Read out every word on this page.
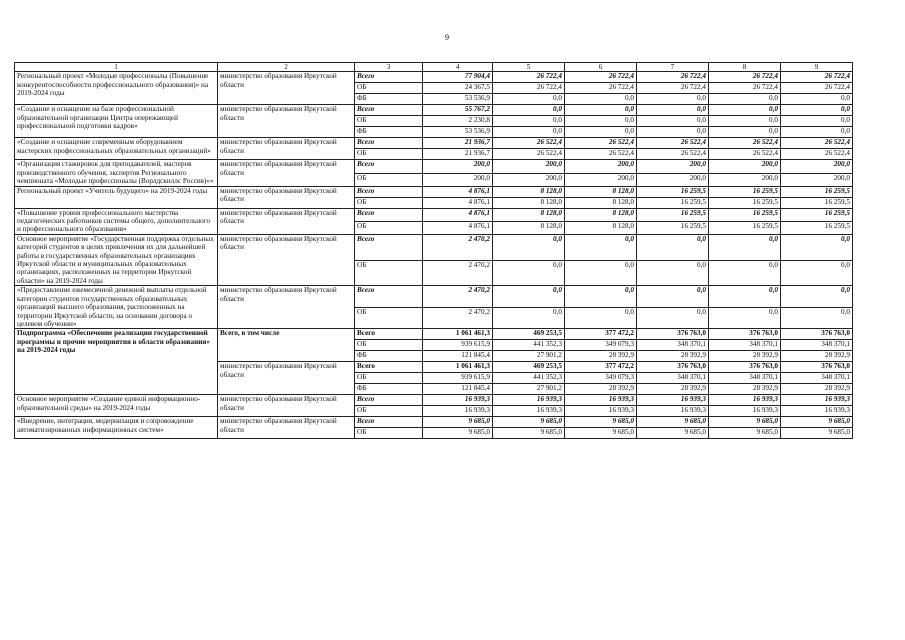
9
1	2	3	4	5	6	7	8	9
Региональный проект «Молодые профессионалы (Повышение конкурентоспособности профессионального образования)» на 2019-2024 годы	министерство образования Иркутской области	Всего	77 904,4	26 722,4	26 722,4	26 722,4	26 722,4	26 722,4
		ОБ	24 367,5	26 722,4	26 722,4	26 722,4	26 722,4	26 722,4
		ФБ	53 536,9	0,0	0,0	0,0	0,0	0,0
«Создание и оснащение на базе профессиональной образовательной организации Центра опережающей профессиональной подготовки кадров»	министерство образования Иркутской области	Всего	55 767,2	0,0	0,0	0,0	0,0	0,0
		ОБ	2 230,8	0,0	0,0	0,0	0,0	0,0
		ФБ	53 536,9	0,0	0,0	0,0	0,0	0,0
«Создание и оснащение современным оборудованием мастерских профессиональных образовательных организаций»	министерство образования Иркутской области	Всего	21 936,7	26 522,4	26 522,4	26 522,4	26 522,4	26 522,4
		ОБ	21 936,7	26 522,4	26 522,4	26 522,4	26 522,4	26 522,4
«Организация стажировок для преподавателей, мастеров производственного обучения, экспертов Регионального чемпионата «Молодые профессионалы (Ворлдскиллс Россия)»»	министерство образования Иркутской области	Всего	200,0	200,0	200,0	200,0	200,0	200,0
		ОБ	200,0	200,0	200,0	200,0	200,0	200,0
Региональный проект «Учитель будущего» на 2019-2024 годы	министерство образования Иркутской области	Всего	4 876,1	8 128,0	8 128,0	16 259,5	16 259,5	16 259,5
		ОБ	4 876,1	8 128,0	8 128,0	16 259,5	16 259,5	16 259,5
«Повышение уровня профессионального мастерства педагогических работников системы общего, дополнительного и профессионального образования»	министерство образования Иркутской области	Всего	4 876,1	8 128,0	8 128,0	16 259,5	16 259,5	16 259,5
		ОБ	4 876,1	8 128,0	8 128,0	16 259,5	16 259,5	16 259,5
Основное мероприятие «Государственная поддержка отдельных категорий студентов в целях привлечения их для дальнейшей работы в государственных образовательных организациях Иркутской области и муниципальных образовательных организациях, расположенных на территории Иркутской области» на 2019-2024 годы	министерство образования Иркутской области	Всего	2 470,2	0,0	0,0	0,0	0,0	0,0
		ОБ	2 470,2	0,0	0,0	0,0	0,0	0,0
«Предоставление ежемесячной денежной выплаты отдельной категории студентов государственных образовательных организаций высшего образования, расположенных на территории Иркутской области, на основании договора о целевом обучении»	министерство образования Иркутской области	Всего	2 470,2	0,0	0,0	0,0	0,0	0,0
		ОБ	2 470,2	0,0	0,0	0,0	0,0	0,0
Подпрограмма «Обеспечение реализации государственной программы и прочие мероприятия в области образования» на 2019-2024 годы	Всего, в том числе	Всего	1 061 461,3	469 253,5	377 472,2	376 763,0	376 763,0	376 763,0
		ОБ	939 615,9	441 352,3	349 079,3	348 370,1	348 370,1	348 370,1
		ФБ	121 845,4	27 901,2	28 392,9	28 392,9	28 392,9	28 392,9
	министерство образования Иркутской области	Всего	1 061 461,3	469 253,5	377 472,2	376 763,0	376 763,0	376 763,0
		ОБ	939 615,9	441 352,3	349 079,3	348 370,1	348 370,1	348 370,1
		ФБ	121 845,4	27 901,2	28 392,9	28 392,9	28 392,9	28 392,9
Основное мероприятие «Создание единой информационно-образовательной среды» на 2019-2024 годы	министерство образования Иркутской области	Всего	16 939,3	16 939,3	16 939,3	16 939,3	16 939,3	16 939,3
		ОБ	16 939,3	16 939,3	16 939,3	16 939,3	16 939,3	16 939,3
«Внедрение, интеграция, модернизация и сопровождение автоматизированных информационных систем»	министерство образования Иркутской области	Всего	9 685,0	9 685,0	9 685,0	9 685,0	9 685,0	9 685,0
		ОБ	9 685,0	9 685,0	9 685,0	9 685,0	9 685,0	9 685,0
